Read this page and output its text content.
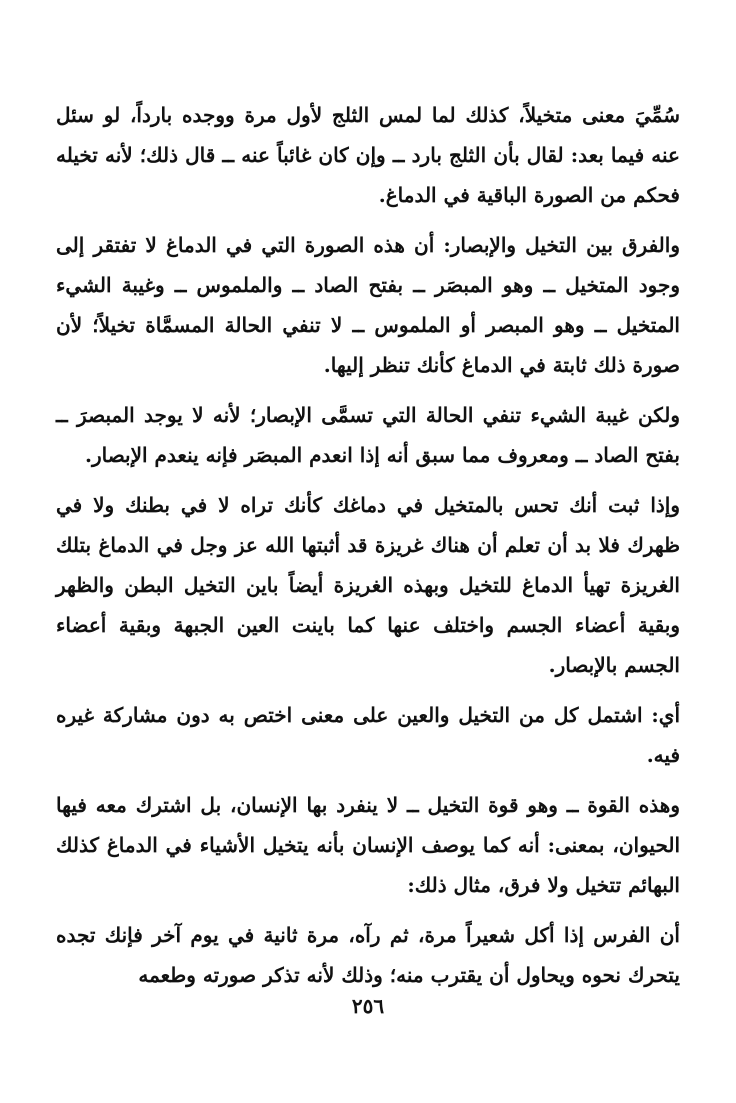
سُمِّيَ معنى متخيلاً، كذلك لما لمس الثلج لأول مرة ووجده بارداً، لو سئل عنه فيما بعد: لقال بأن الثلج بارد ــ وإن كان غائباً عنه ــ قال ذلك؛ لأنه تخيله فحكم من الصورة الباقية في الدماغ.

والفرق بين التخيل والإبصار: أن هذه الصورة التي في الدماغ لا تفتقر إلى وجود المتخيل ــ وهو المبصَر ــ بفتح الصاد ــ والملموس ــ وغيبة الشيء المتخيل ــ وهو المبصر أو الملموس ــ لا تنفي الحالة المسمَّاة تخيلاً؛ لأن صورة ذلك ثابتة في الدماغ كأنك تنظر إليها.

ولكن غيبة الشيء تنفي الحالة التي تسمَّى الإبصار؛ لأنه لا يوجد المبصرَ ــ بفتح الصاد ــ ومعروف مما سبق أنه إذا انعدم المبصَر فإنه ينعدم الإبصار.

وإذا ثبت أنك تحس بالمتخيل في دماغك كأنك تراه لا في بطنك ولا في ظهرك فلا بد أن تعلم أن هناك غريزة قد أثبتها الله عز وجل في الدماغ بتلك الغريزة تهيأ الدماغ للتخيل وبهذه الغريزة أيضاً باين التخيل البطن والظهر وبقية أعضاء الجسم واختلف عنها كما باينت العين الجبهة وبقية أعضاء الجسم بالإبصار.

أي: اشتمل كل من التخيل والعين على معنى اختص به دون مشاركة غيره فيه.

وهذه القوة ــ وهو قوة التخيل ــ لا ينفرد بها الإنسان، بل اشترك معه فيها الحيوان، بمعنى: أنه كما يوصف الإنسان بأنه يتخيل الأشياء في الدماغ كذلك البهائم تتخيل ولا فرق، مثال ذلك:

أن الفرس إذا أكل شعيراً مرة، ثم رآه، مرة ثانية في يوم آخر فإنك تجده يتحرك نحوه ويحاول أن يقترب منه؛ وذلك لأنه تذكر صورته وطعمه

٢٥٦
